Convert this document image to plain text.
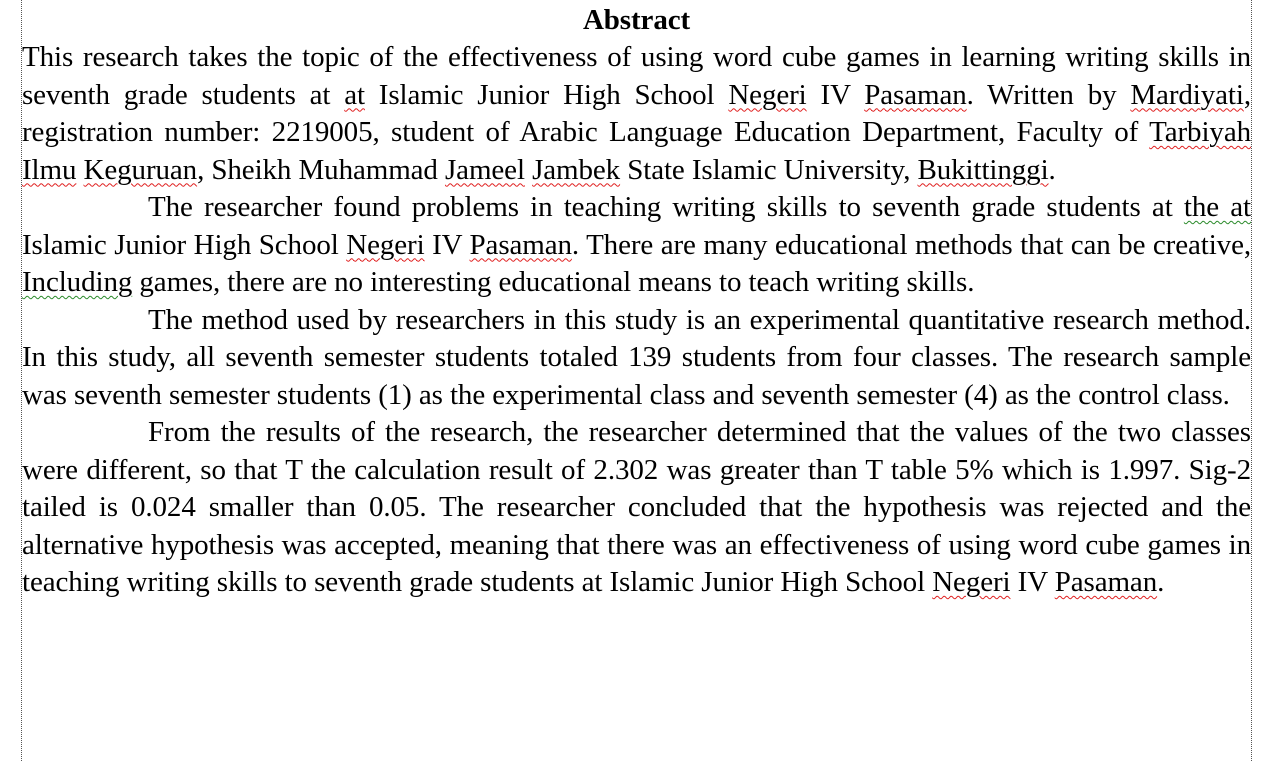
Abstract

This research takes the topic of the effectiveness of using word cube games in learning writing skills in seventh grade students at at Islamic Junior High School Negeri IV Pasaman. Written by Mardiyati, registration number: 2219005, student of Arabic Language Education Department, Faculty of Tarbiyah Ilmu Keguruan, Sheikh Muhammad Jameel Jambek State Islamic University, Bukittinggi.

The researcher found problems in teaching writing skills to seventh grade students at the at Islamic Junior High School Negeri IV Pasaman. There are many educational methods that can be creative, Including games, there are no interesting educational means to teach writing skills.

The method used by researchers in this study is an experimental quantitative research method. In this study, all seventh semester students totaled 139 students from four classes. The research sample was seventh semester students (1) as the experimental class and seventh semester (4) as the control class.

From the results of the research, the researcher determined that the values of the two classes were different, so that T the calculation result of 2.302 was greater than T table 5% which is 1.997. Sig-2 tailed is 0.024 smaller than 0.05. The researcher concluded that the hypothesis was rejected and the alternative hypothesis was accepted, meaning that there was an effectiveness of using word cube games in teaching writing skills to seventh grade students at Islamic Junior High School Negeri IV Pasaman.
